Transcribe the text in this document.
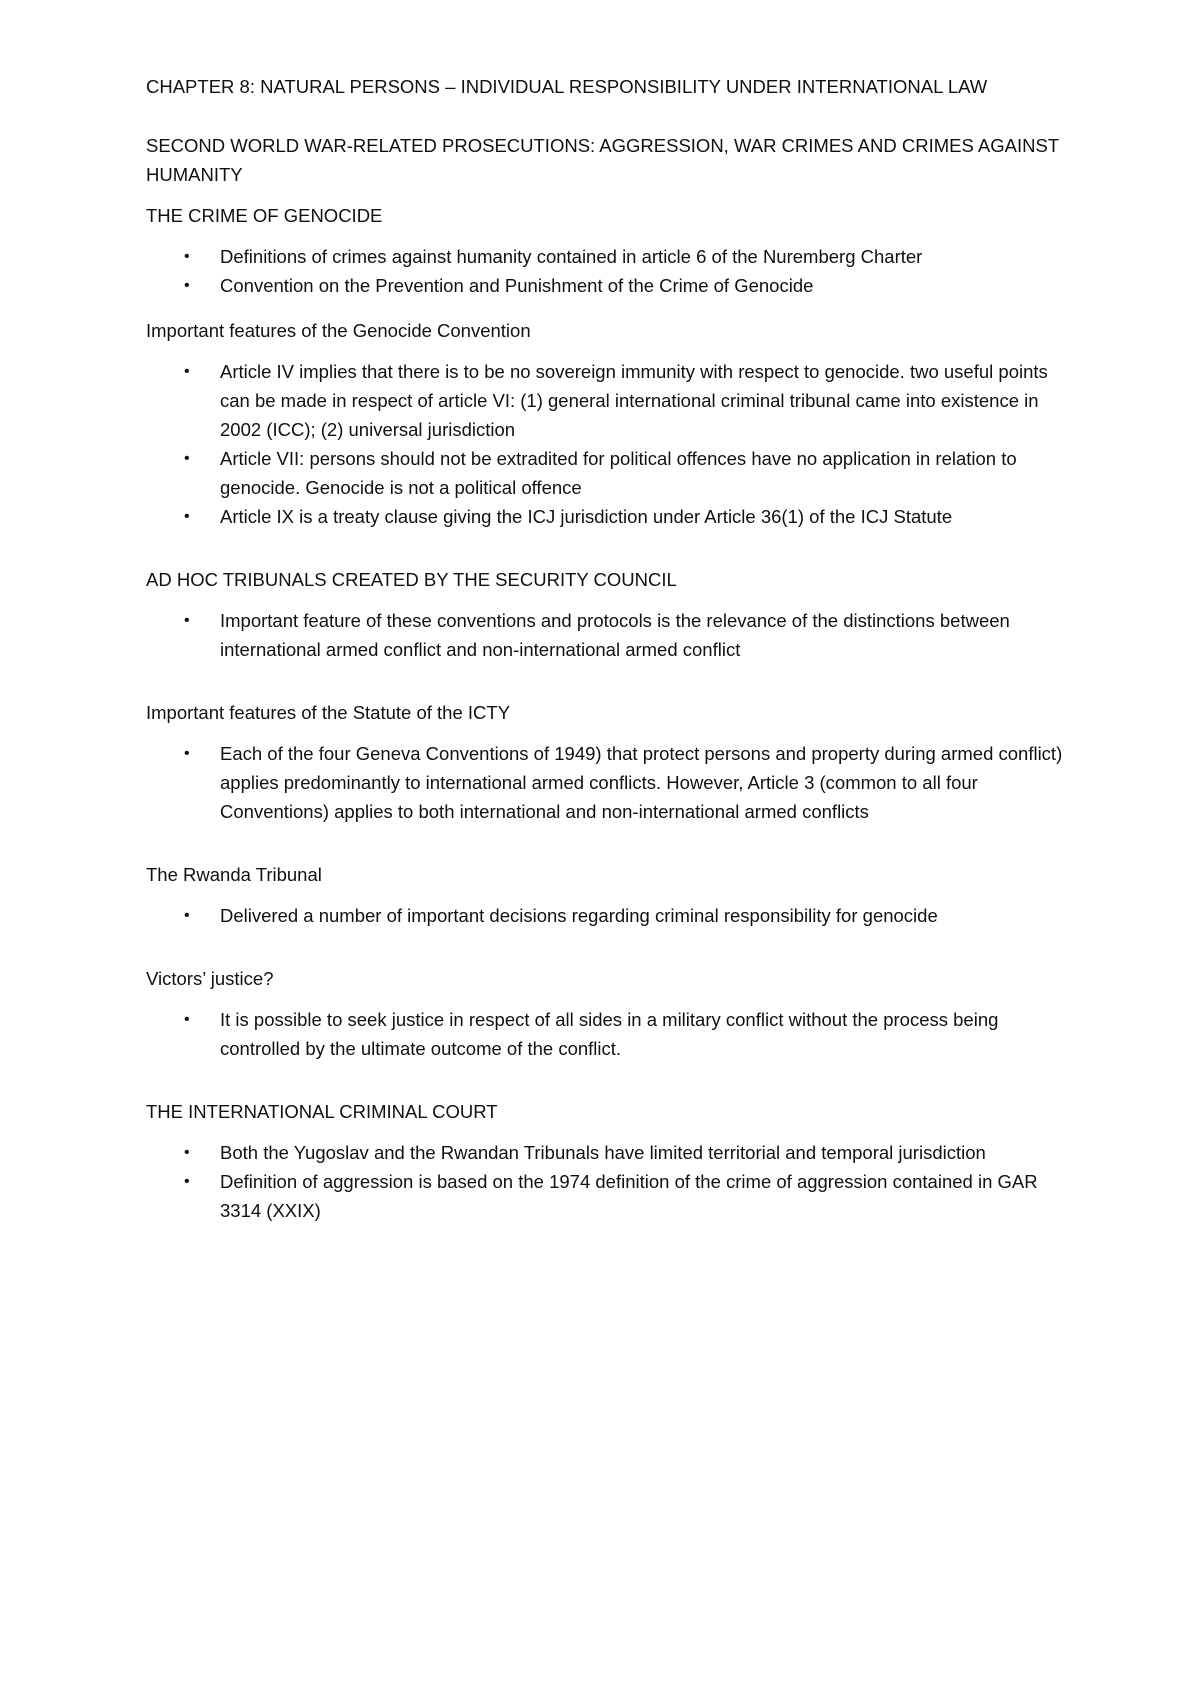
CHAPTER 8: NATURAL PERSONS – INDIVIDUAL RESPONSIBILITY UNDER INTERNATIONAL LAW

SECOND WORLD WAR-RELATED PROSECUTIONS: AGGRESSION, WAR CRIMES AND CRIMES AGAINST HUMANITY

THE CRIME OF GENOCIDE

• Definitions of crimes against humanity contained in article 6 of the Nuremberg Charter
• Convention on the Prevention and Punishment of the Crime of Genocide

Important features of the Genocide Convention

• Article IV implies that there is to be no sovereign immunity with respect to genocide. two useful points can be made in respect of article VI: (1) general international criminal tribunal came into existence in 2002 (ICC); (2) universal jurisdiction
• Article VII: persons should not be extradited for political offences have no application in relation to genocide. Genocide is not a political offence
• Article IX is a treaty clause giving the ICJ jurisdiction under Article 36(1) of the ICJ Statute

AD HOC TRIBUNALS CREATED BY THE SECURITY COUNCIL

• Important feature of these conventions and protocols is the relevance of the distinctions between international armed conflict and non-international armed conflict

Important features of the Statute of the ICTY

• Each of the four Geneva Conventions of 1949) that protect persons and property during armed conflict) applies predominantly to international armed conflicts. However, Article 3 (common to all four Conventions) applies to both international and non-international armed conflicts

The Rwanda Tribunal

• Delivered a number of important decisions regarding criminal responsibility for genocide

Victors’ justice?

• It is possible to seek justice in respect of all sides in a military conflict without the process being controlled by the ultimate outcome of the conflict.

THE INTERNATIONAL CRIMINAL COURT

• Both the Yugoslav and the Rwandan Tribunals have limited territorial and temporal jurisdiction
• Definition of aggression is based on the 1974 definition of the crime of aggression contained in GAR 3314 (XXIX)
